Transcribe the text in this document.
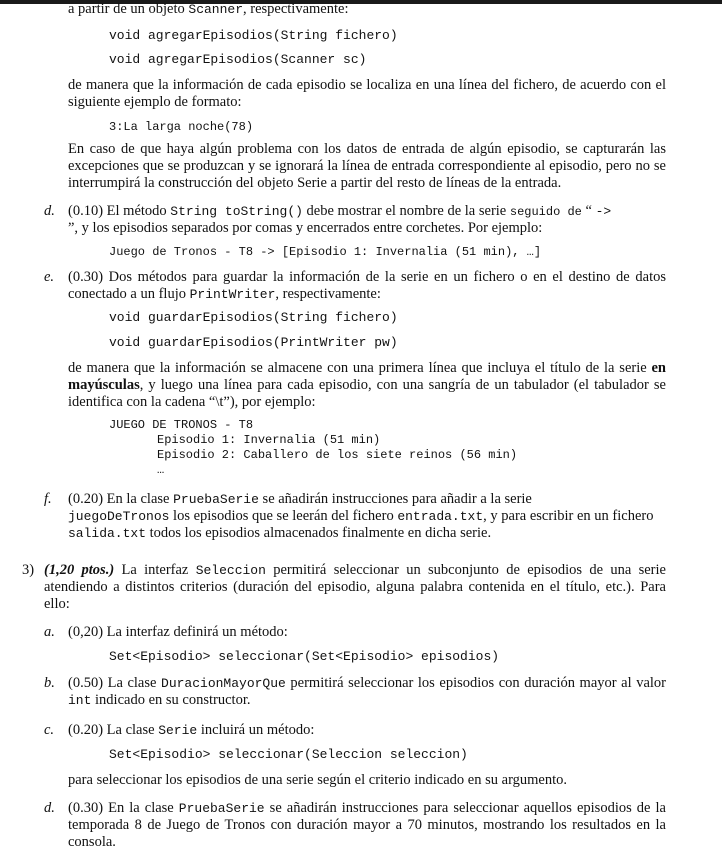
a partir de un objeto Scanner, respectivamente:
void agregarEpisodios(String fichero)
void agregarEpisodios(Scanner sc)
de manera que la información de cada episodio se localiza en una línea del fichero, de acuerdo con el siguiente ejemplo de formato:
3:La larga noche(78)
En caso de que haya algún problema con los datos de entrada de algún episodio, se capturarán las excepciones que se produzcan y se ignorará la línea de entrada correspondiente al episodio, pero no se interrumpirá la construcción del objeto Serie a partir del resto de líneas de la entrada.
d. (0.10) El método String toString() debe mostrar el nombre de la serie seguido de “ ->
”, y los episodios separados por comas y encerrados entre corchetes. Por ejemplo:
Juego de Tronos - T8 -> [Episodio 1: Invernalia (51 min), …]
e. (0.30) Dos métodos para guardar la información de la serie en un fichero o en el destino de datos conectado a un flujo PrintWriter, respectivamente:
void guardarEpisodios(String fichero)
void guardarEpisodios(PrintWriter pw)
de manera que la información se almacene con una primera línea que incluya el título de la serie en mayúsculas, y luego una línea para cada episodio, con una sangría de un tabulador (el tabulador se identifica con la cadena “\t”), por ejemplo:
JUEGO DE TRONOS - T8
Episodio 1: Invernalia (51 min)
Episodio 2: Caballero de los siete reinos (56 min)
…
f. (0.20) En la clase PruebaSerie se añadirán instrucciones para añadir a la serie
juegoDeTronos los episodios que se leerán del fichero entrada.txt, y para escribir en un fichero
salida.txt todos los episodios almacenados finalmente en dicha serie.
3) (1,20 ptos.) La interfaz Seleccion permitirá seleccionar un subconjunto de episodios de una serie atendiendo a distintos criterios (duración del episodio, alguna palabra contenida en el título, etc.). Para ello:
a. (0,20) La interfaz definirá un método:
Set<Episodio> seleccionar(Set<Episodio> episodios)
b. (0.50) La clase DuracionMayorQue permitirá seleccionar los episodios con duración mayor al valor int indicado en su constructor.
c. (0.20) La clase Serie incluirá un método:
Set<Episodio> seleccionar(Seleccion seleccion)
para seleccionar los episodios de una serie según el criterio indicado en su argumento.
d. (0.30) En la clase PruebaSerie se añadirán instrucciones para seleccionar aquellos episodios de la temporada 8 de Juego de Tronos con duración mayor a 70 minutos, mostrando los resultados en la consola.
